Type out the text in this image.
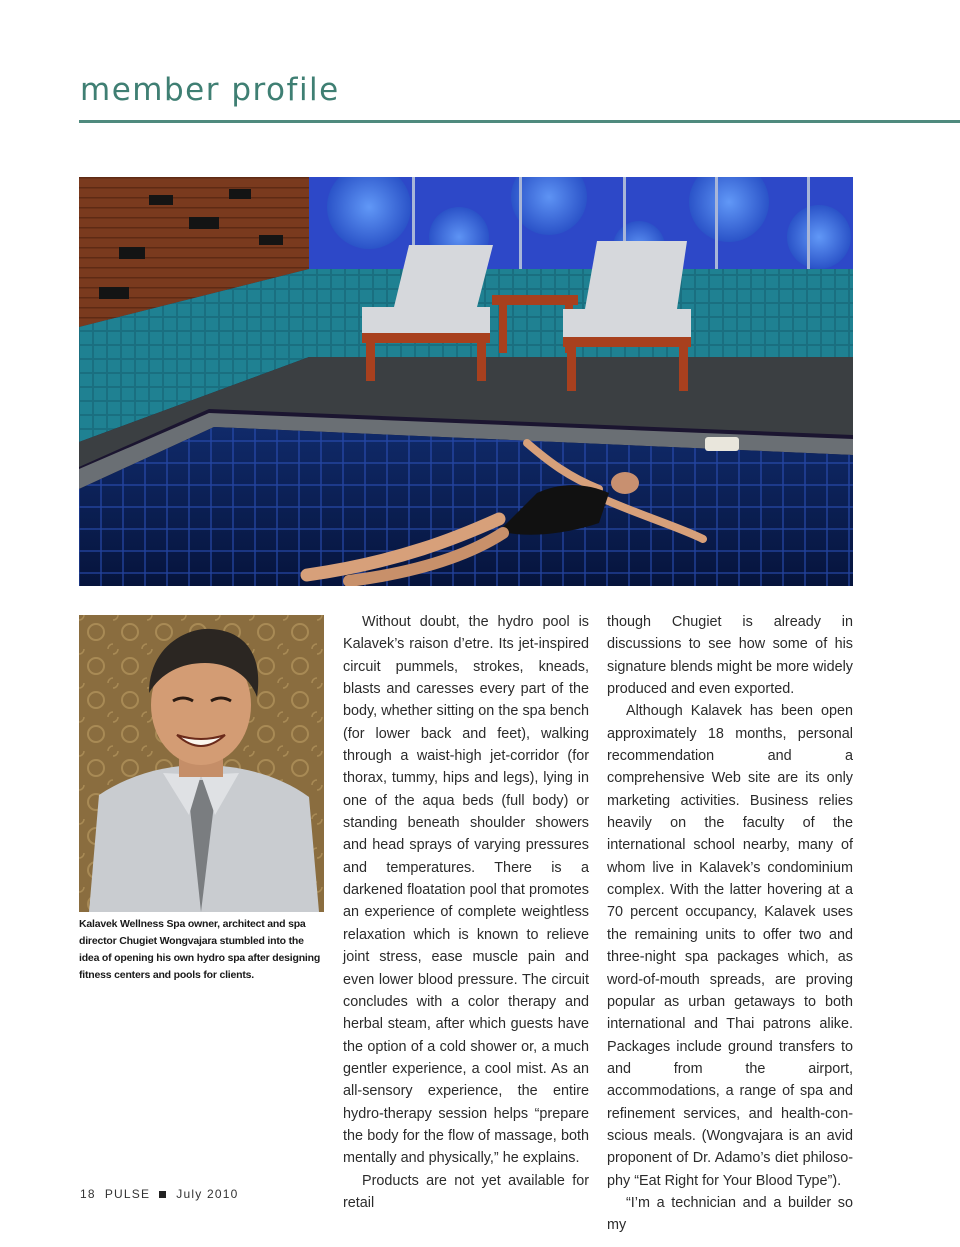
member profile

Kalavek Wellness Spa owner, architect and spa director Chugiet Wongvajara stumbled into the idea of opening his own hydro spa after designing fitness centers and pools for clients.

Without doubt, the hydro pool is Kalavek’s raison d’etre. Its jet-inspired circuit pummels, strokes, kneads, blasts and caresses every part of the body, whether sitting on the spa bench (for lower back and feet), walking through a waist-high jet-corridor (for thorax, tummy, hips and legs), lying in one of the aqua beds (full body) or standing beneath shoulder showers and head sprays of varying pressures and temperatures. There is a darkened floatation pool that promotes an experience of complete weightless relaxation which is known to relieve joint stress, ease muscle pain and even lower blood pressure. The circuit concludes with a color therapy and herbal steam, after which guests have the option of a cold shower or, a much gentler experience, a cool mist. As an all-sensory experience, the entire hydro-therapy session helps “prepare the body for the flow of massage, both mentally and physically,” he explains.

Products are not yet available for retail

though Chugiet is already in discussions to see how some of his signature blends might be more widely produced and even exported.

Although Kalavek has been open approximately 18 months, personal recommendation and a comprehensive Web site are its only marketing activities. Business relies heavily on the faculty of the international school nearby, many of whom live in Kalavek’s condominium complex. With the latter hovering at a 70 percent occupancy, Kalavek uses the remaining units to offer two and three-night spa packages which, as word-of-mouth spreads, are proving popular as urban getaways to both international and Thai patrons alike. Packages include ground transfers to and from the airport, accommodations, a range of spa and refinement services, and health-conscious meals. (Wongvajara is an avid proponent of Dr. Adamo’s diet philosophy “Eat Right for Your Blood Type”).

“I’m a technician and a builder so my

18 PULSE July 2010
